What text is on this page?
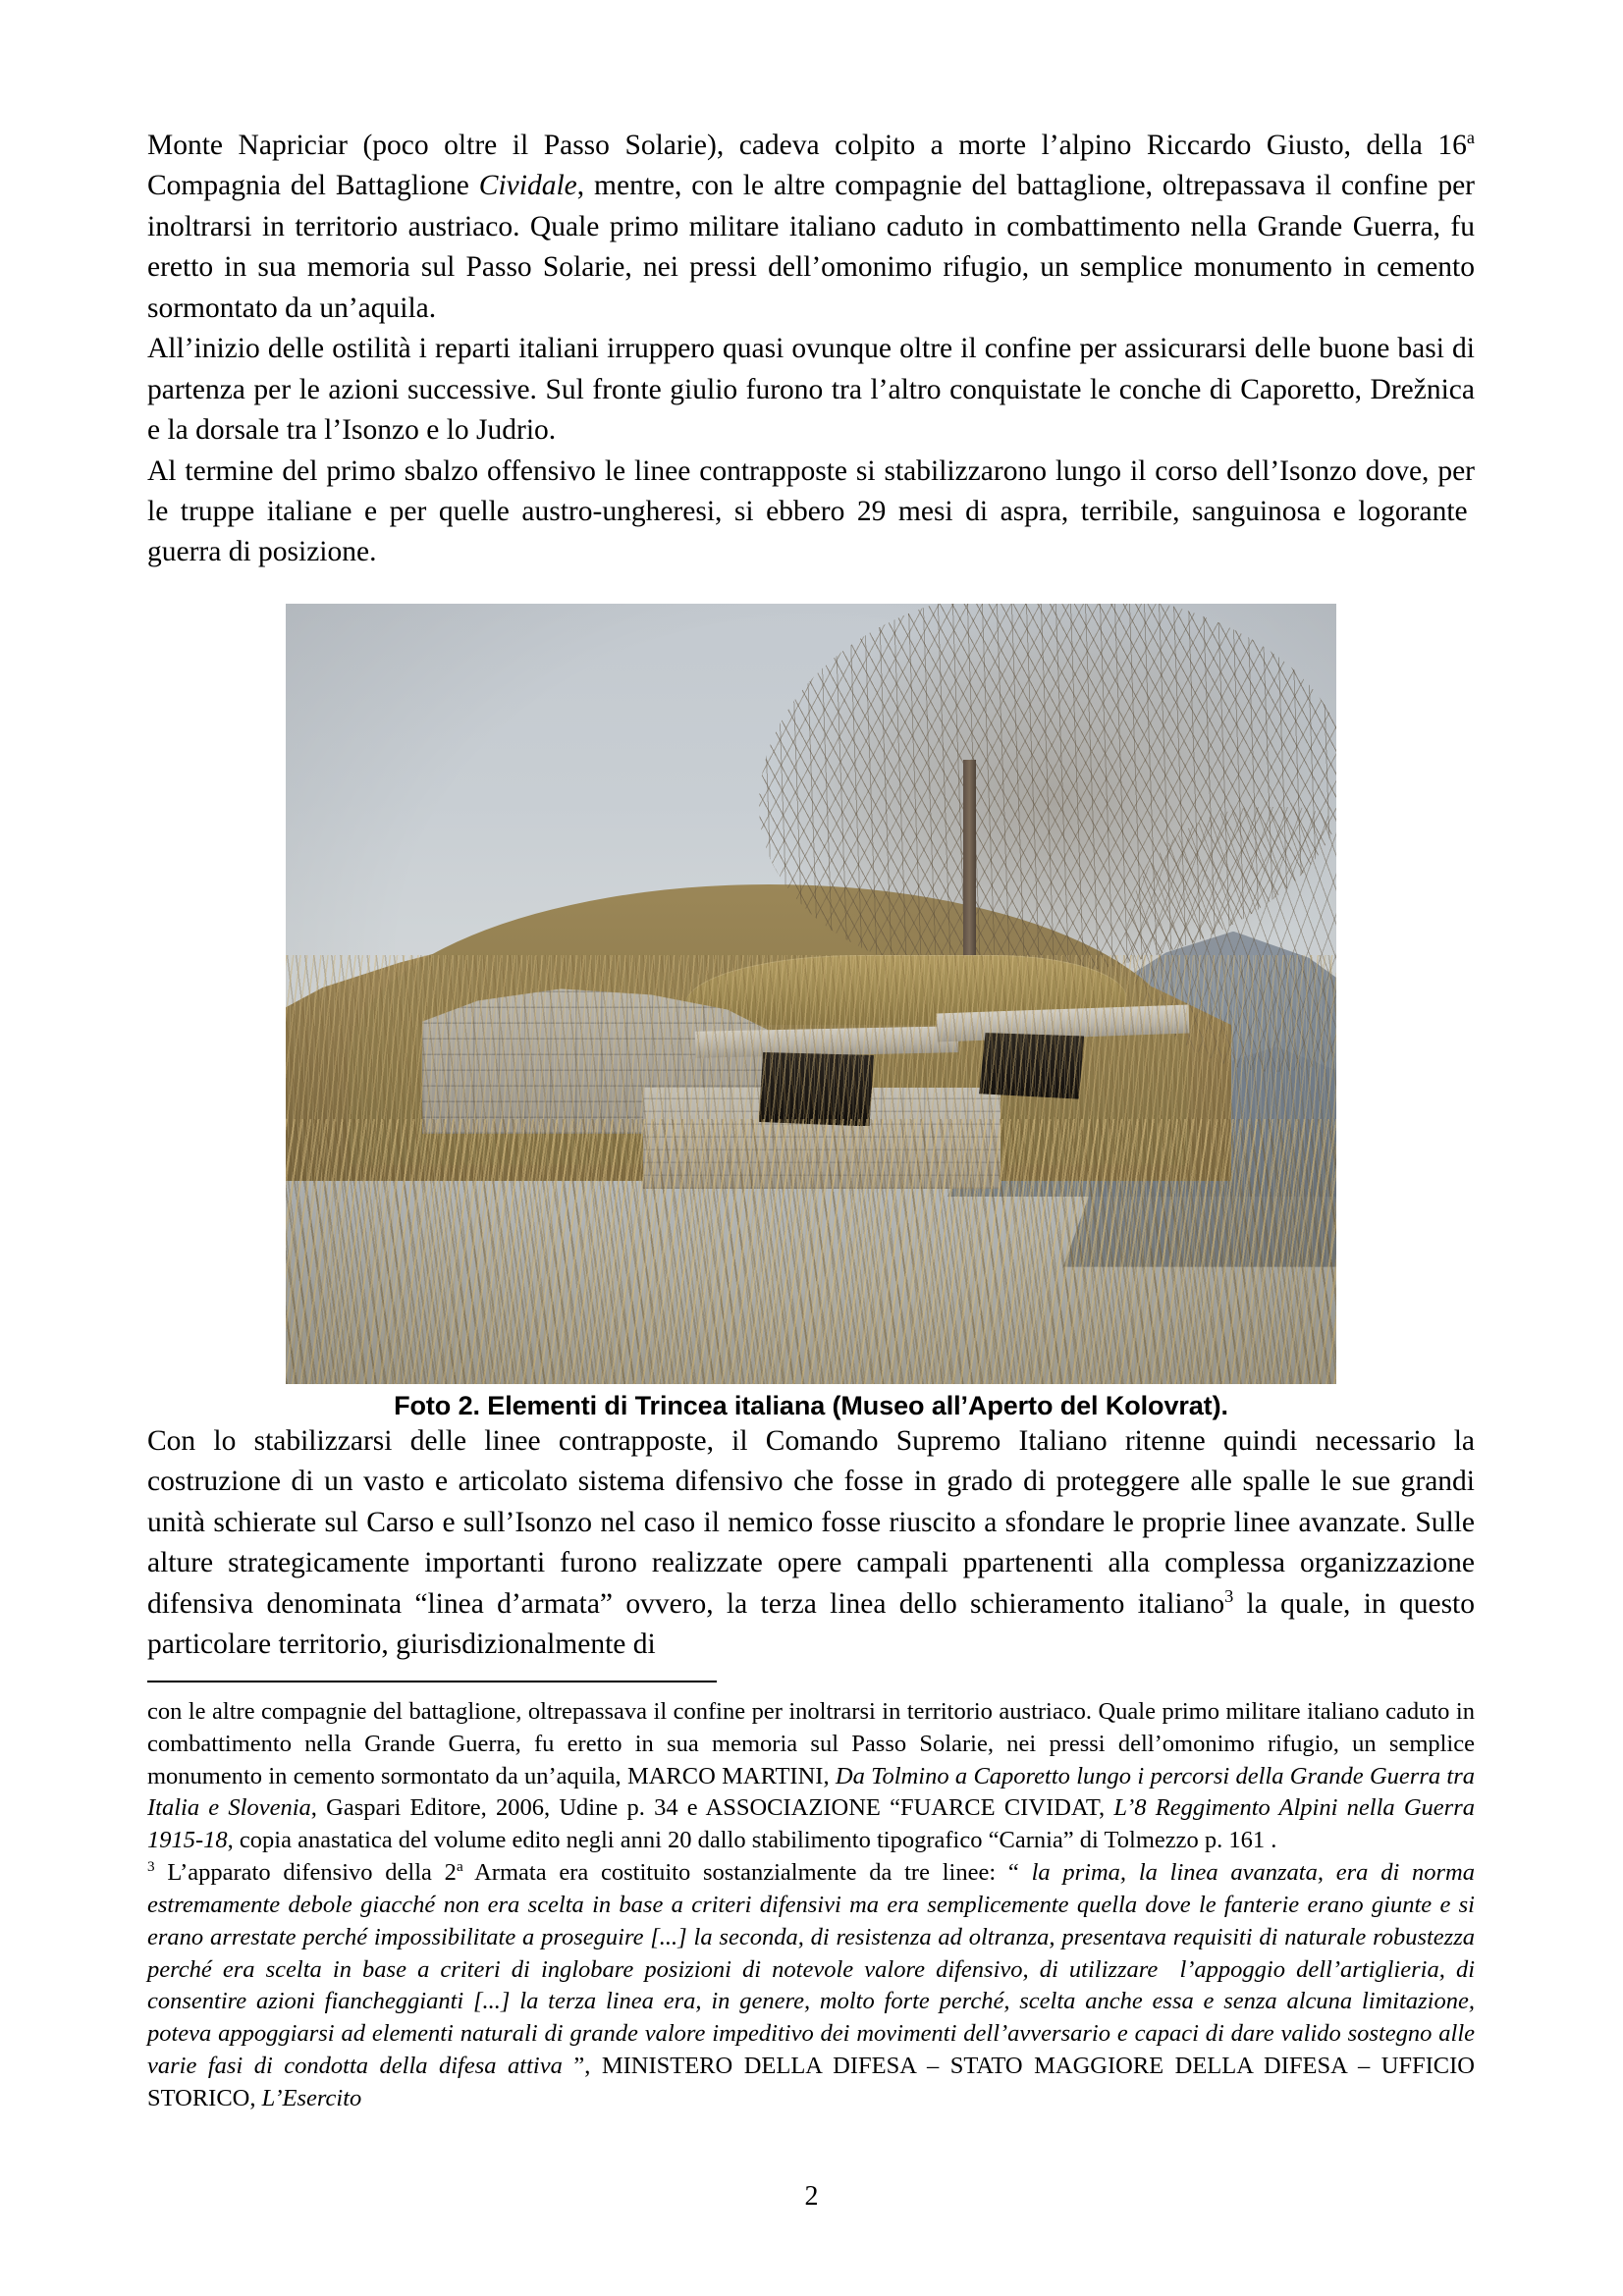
Monte Napriciar (poco oltre il Passo Solarie), cadeva colpito a morte l’alpino Riccardo Giusto, della 16$^a$ Compagnia del Battaglione Cividale, mentre, con le altre compagnie del battaglione, oltrepassava il confine per inoltrarsi in territorio austriaco. Quale primo militare italiano caduto in combattimento nella Grande Guerra, fu eretto in sua memoria sul Passo Solarie, nei pressi dell’omonimo rifugio, un semplice monumento in cemento sormontato da un’aquila.

All’inizio delle ostilità i reparti italiani irruppero quasi ovunque oltre il confine per assicurarsi delle buone basi di partenza per le azioni successive. Sul fronte giulio furono tra l’altro conquistate le conche di Caporetto, Drežnica e la dorsale tra l’Isonzo e lo Judrio.

Al termine del primo sbalzo offensivo le linee contrapposte si stabilizzarono lungo il corso dell’Isonzo dove, per le truppe italiane e per quelle austro-ungheresi, si ebbero 29 mesi di aspra, terribile, sanguinosa e logorante  guerra di posizione.

Foto 2. Elementi di Trincea italiana (Museo all’Aperto del Kolovrat).

Con lo stabilizzarsi delle linee contrapposte, il Comando Supremo Italiano ritenne quindi necessario la costruzione di un vasto e articolato sistema difensivo che fosse in grado di proteggere alle spalle le sue grandi unità schierate sul Carso e sull’Isonzo nel caso il nemico fosse riuscito a sfondare le proprie linee avanzate. Sulle alture strategicamente importanti furono realizzate opere campali ppartenenti alla complessa organizzazione difensiva denominata “linea d’armata” ovvero, la terza linea dello schieramento italiano$^3$ la quale, in questo particolare territorio, giurisdizionalmente di

con le altre compagnie del battaglione, oltrepassava il confine per inoltrarsi in territorio austriaco. Quale primo militare italiano caduto in combattimento nella Grande Guerra, fu eretto in sua memoria sul Passo Solarie, nei pressi dell’omonimo rifugio, un semplice monumento in cemento sormontato da un’aquila, MARCO MARTINI, Da Tolmino a Caporetto lungo i percorsi della Grande Guerra tra Italia e Slovenia, Gaspari Editore, 2006, Udine p. 34 e ASSOCIAZIONE “FUARCE CIVIDAT, L’8 Reggimento Alpini nella Guerra 1915-18, copia anastatica del volume edito negli anni 20 dallo stabilimento tipografico “Carnia” di Tolmezzo p. 161 .

$^3$ L’apparato difensivo della 2$^a$ Armata era costituito sostanzialmente da tre linee: “ la prima, la linea avanzata, era di norma estremamente debole giacché non era scelta in base a criteri difensivi ma era semplicemente quella dove le fanterie erano giunte e si erano arrestate perché impossibilitate a proseguire [...] la seconda, di resistenza ad oltranza, presentava requisiti di naturale robustezza perché era scelta in base a criteri di inglobare posizioni di notevole valore difensivo, di utilizzare  l’appoggio dell’artiglieria, di consentire azioni fiancheggianti [...] la terza linea era, in genere, molto forte perché, scelta anche essa e senza alcuna limitazione, poteva appoggiarsi ad elementi naturali di grande valore impeditivo dei movimenti dell’avversario e capaci di dare valido sostegno alle varie fasi di condotta della difesa attiva ”, MINISTERO DELLA DIFESA – STATO MAGGIORE DELLA DIFESA – UFFICIO STORICO, L’Esercito

2
